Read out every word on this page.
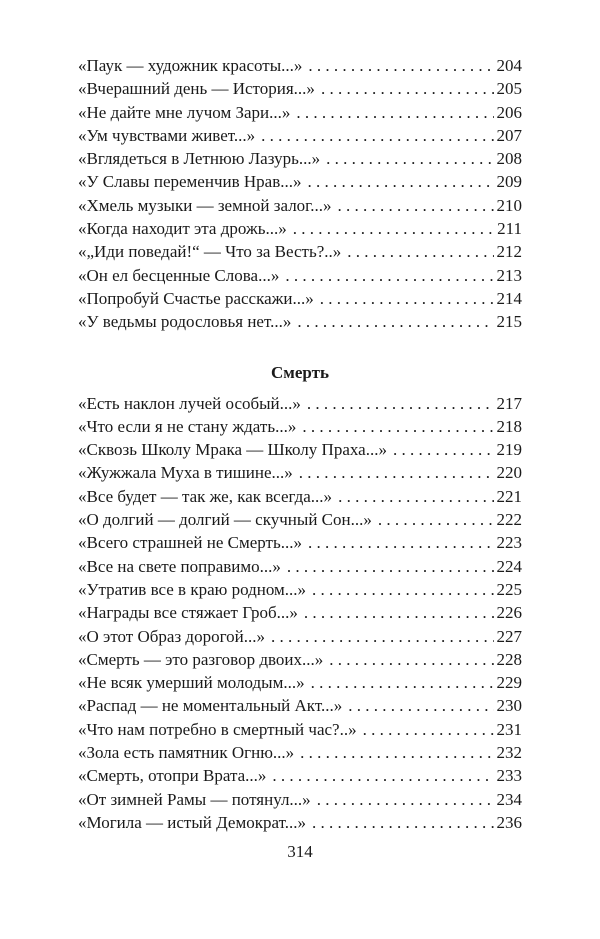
«Паук — художник красоты...» . . .	204
«Вчерашний день — История...» . . .	205
«Не дайте мне лучом Зари...» . . .	206
«Ум чувствами живет...» . . .	207
«Вглядеться в Летнюю Лазурь...» . . .	208
«У Славы переменчив Нрав...» . . .	209
«Хмель музыки — земной залог...» . . .	210
«Когда находит эта дрожь...» . . .	211
«„Иди поведай!“ — Что за Весть?..» . . .	212
«Он ел бесценные Слова...» . . .	213
«Попробуй Счастье расскажи...» . . .	214
«У ведьмы родословья нет...» . . .	215
Смерть
«Есть наклон лучей особый...» . . .	217
«Что если я не стану ждать...» . . .	218
«Сквозь Школу Мрака — Школу Праха...» . . .	219
«Жужжала Муха в тишине...» . . .	220
«Все будет — так же, как всегда...» . . .	221
«О долгий — долгий — скучный Сон...» . . .	222
«Всего страшней не Смерть...» . . .	223
«Все на свете поправимо...» . . .	224
«Утратив все в краю родном...» . . .	225
«Награды все стяжает Гроб...» . . .	226
«О этот Образ дорогой...» . . .	227
«Смерть — это разговор двоих...» . . .	228
«Не всяк умерший молодым...» . . .	229
«Распад — не моментальный Акт...» . . .	230
«Что нам потребно в смертный час?..» . . .	231
«Зола есть памятник Огню...» . . .	232
«Смерть, отопри Врата...» . . .	233
«От зимней Рамы — потянул...» . . .	234
«Могила — истый Демократ...» . . .	236
314
